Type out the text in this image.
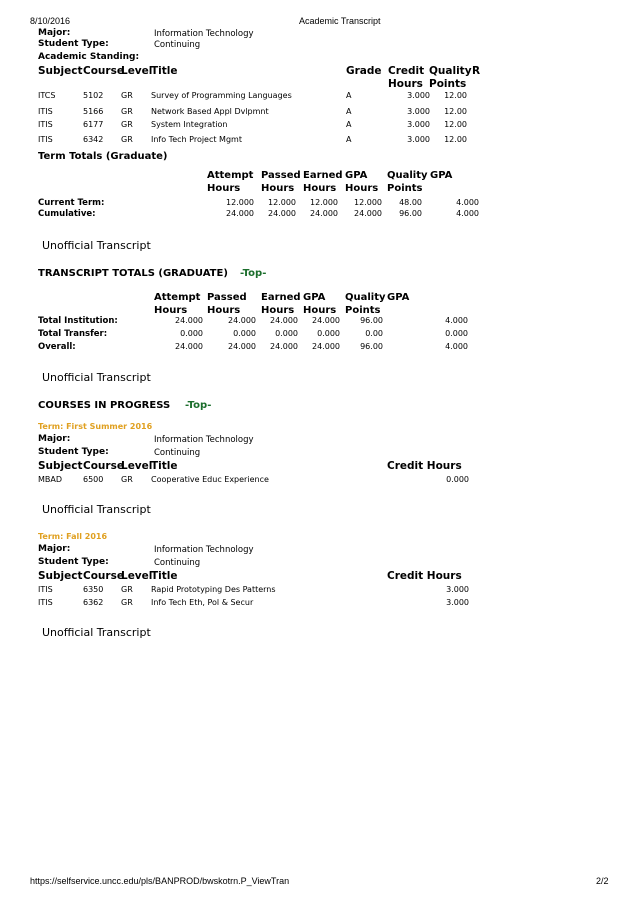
8/10/2016	Academic Transcript
Major:	Information Technology
Student Type:	Continuing
Academic Standing:
Subject Course
Level
Title	Grade Credit
Hours
Quality
Points
R
ITCS	5102 GR Survey of Programming Languages	A	3.000	12.00
ITIS	5166 GR Network Based Appl Dvlpmnt	A	3.000	12.00
ITIS	6177 GR System Integration	A	3.000	12.00
ITIS	6342 GR Info Tech Project Mgmt	A	3.000	12.00
Term Totals (Graduate)
Attempt
Hours
Passed
Hours
Earned
Hours
GPA
Hours
Quality
Points
GPA
Current Term:	12.000	12.000	12.000	12.000	48.00	4.000
Cumulative:	24.000	24.000	24.000	24.000	96.00	4.000
Unofficial Transcript
TRANSCRIPT TOTALS (GRADUATE) -Top-
Attempt
Hours
Passed
Hours
Earned
Hours
GPA
Hours
Quality
Points
GPA
Total Institution:	24.000	24.000	24.000	24.000	96.00	4.000
Total Transfer:	0.000	0.000	0.000	0.000	0.00	0.000
Overall:	24.000	24.000	24.000	24.000	96.00	4.000
Unofficial Transcript
COURSES IN PROGRESS -Top-
Term: First Summer 2016
Major:	Information Technology
Student Type:	Continuing
Subject Course
Level
Title	Credit Hours
MBAD	6500 GR Cooperative Educ Experience	0.000
Unofficial Transcript
Term: Fall 2016
Major:	Information Technology
Student Type:	Continuing
Subject Course
Level
Title	Credit Hours
ITIS	6350 GR Rapid Prototyping Des Patterns	3.000
ITIS	6362 GR Info Tech Eth, Pol & Secur	3.000
Unofficial Transcript
https://selfservice.uncc.edu/pls/BANPROD/bwskotrn.P_ViewTran	2/2
